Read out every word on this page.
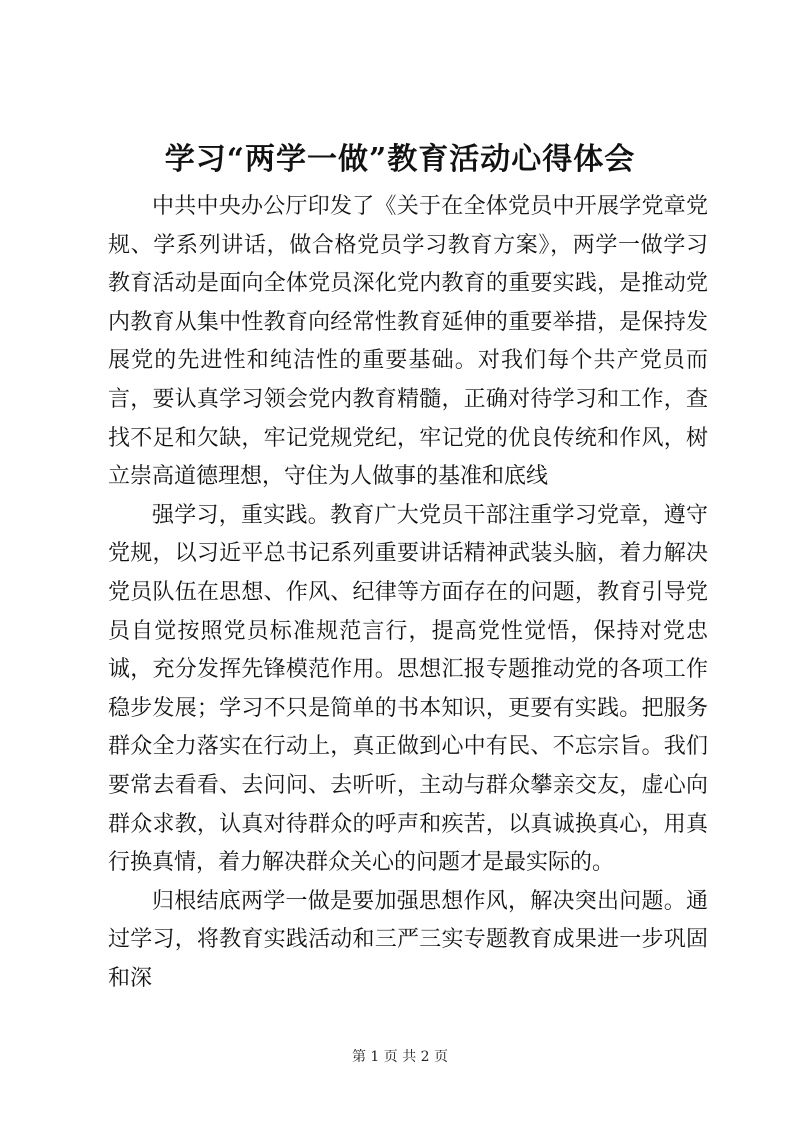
学习“两学一做”教育活动心得体会

中共中央办公厅印发了《关于在全体党员中开展学党章党规、学系列讲话，做合格党员学习教育方案》，两学一做学习教育活动是面向全体党员深化党内教育的重要实践，是推动党内教育从集中性教育向经常性教育延伸的重要举措，是保持发展党的先进性和纯洁性的重要基础。对我们每个共产党员而言，要认真学习领会党内教育精髓，正确对待学习和工作，查找不足和欠缺，牢记党规党纪，牢记党的优良传统和作风，树立崇高道德理想，守住为人做事的基准和底线

强学习，重实践。教育广大党员干部注重学习党章，遵守党规，以习近平总书记系列重要讲话精神武装头脑，着力解决党员队伍在思想、作风、纪律等方面存在的问题，教育引导党员自觉按照党员标准规范言行，提高党性觉悟，保持对党忠诚，充分发挥先锋模范作用。思想汇报专题推动党的各项工作稳步发展；学习不只是简单的书本知识，更要有实践。把服务群众全力落实在行动上，真正做到心中有民、不忘宗旨。我们要常去看看、去问问、去听听，主动与群众攀亲交友，虚心向群众求教，认真对待群众的呼声和疾苦，以真诚换真心，用真行换真情，着力解决群众关心的问题才是最实际的。

归根结底两学一做是要加强思想作风，解决突出问题。通过学习，将教育实践活动和三严三实专题教育成果进一步巩固和深

第 1 页 共 2 页
